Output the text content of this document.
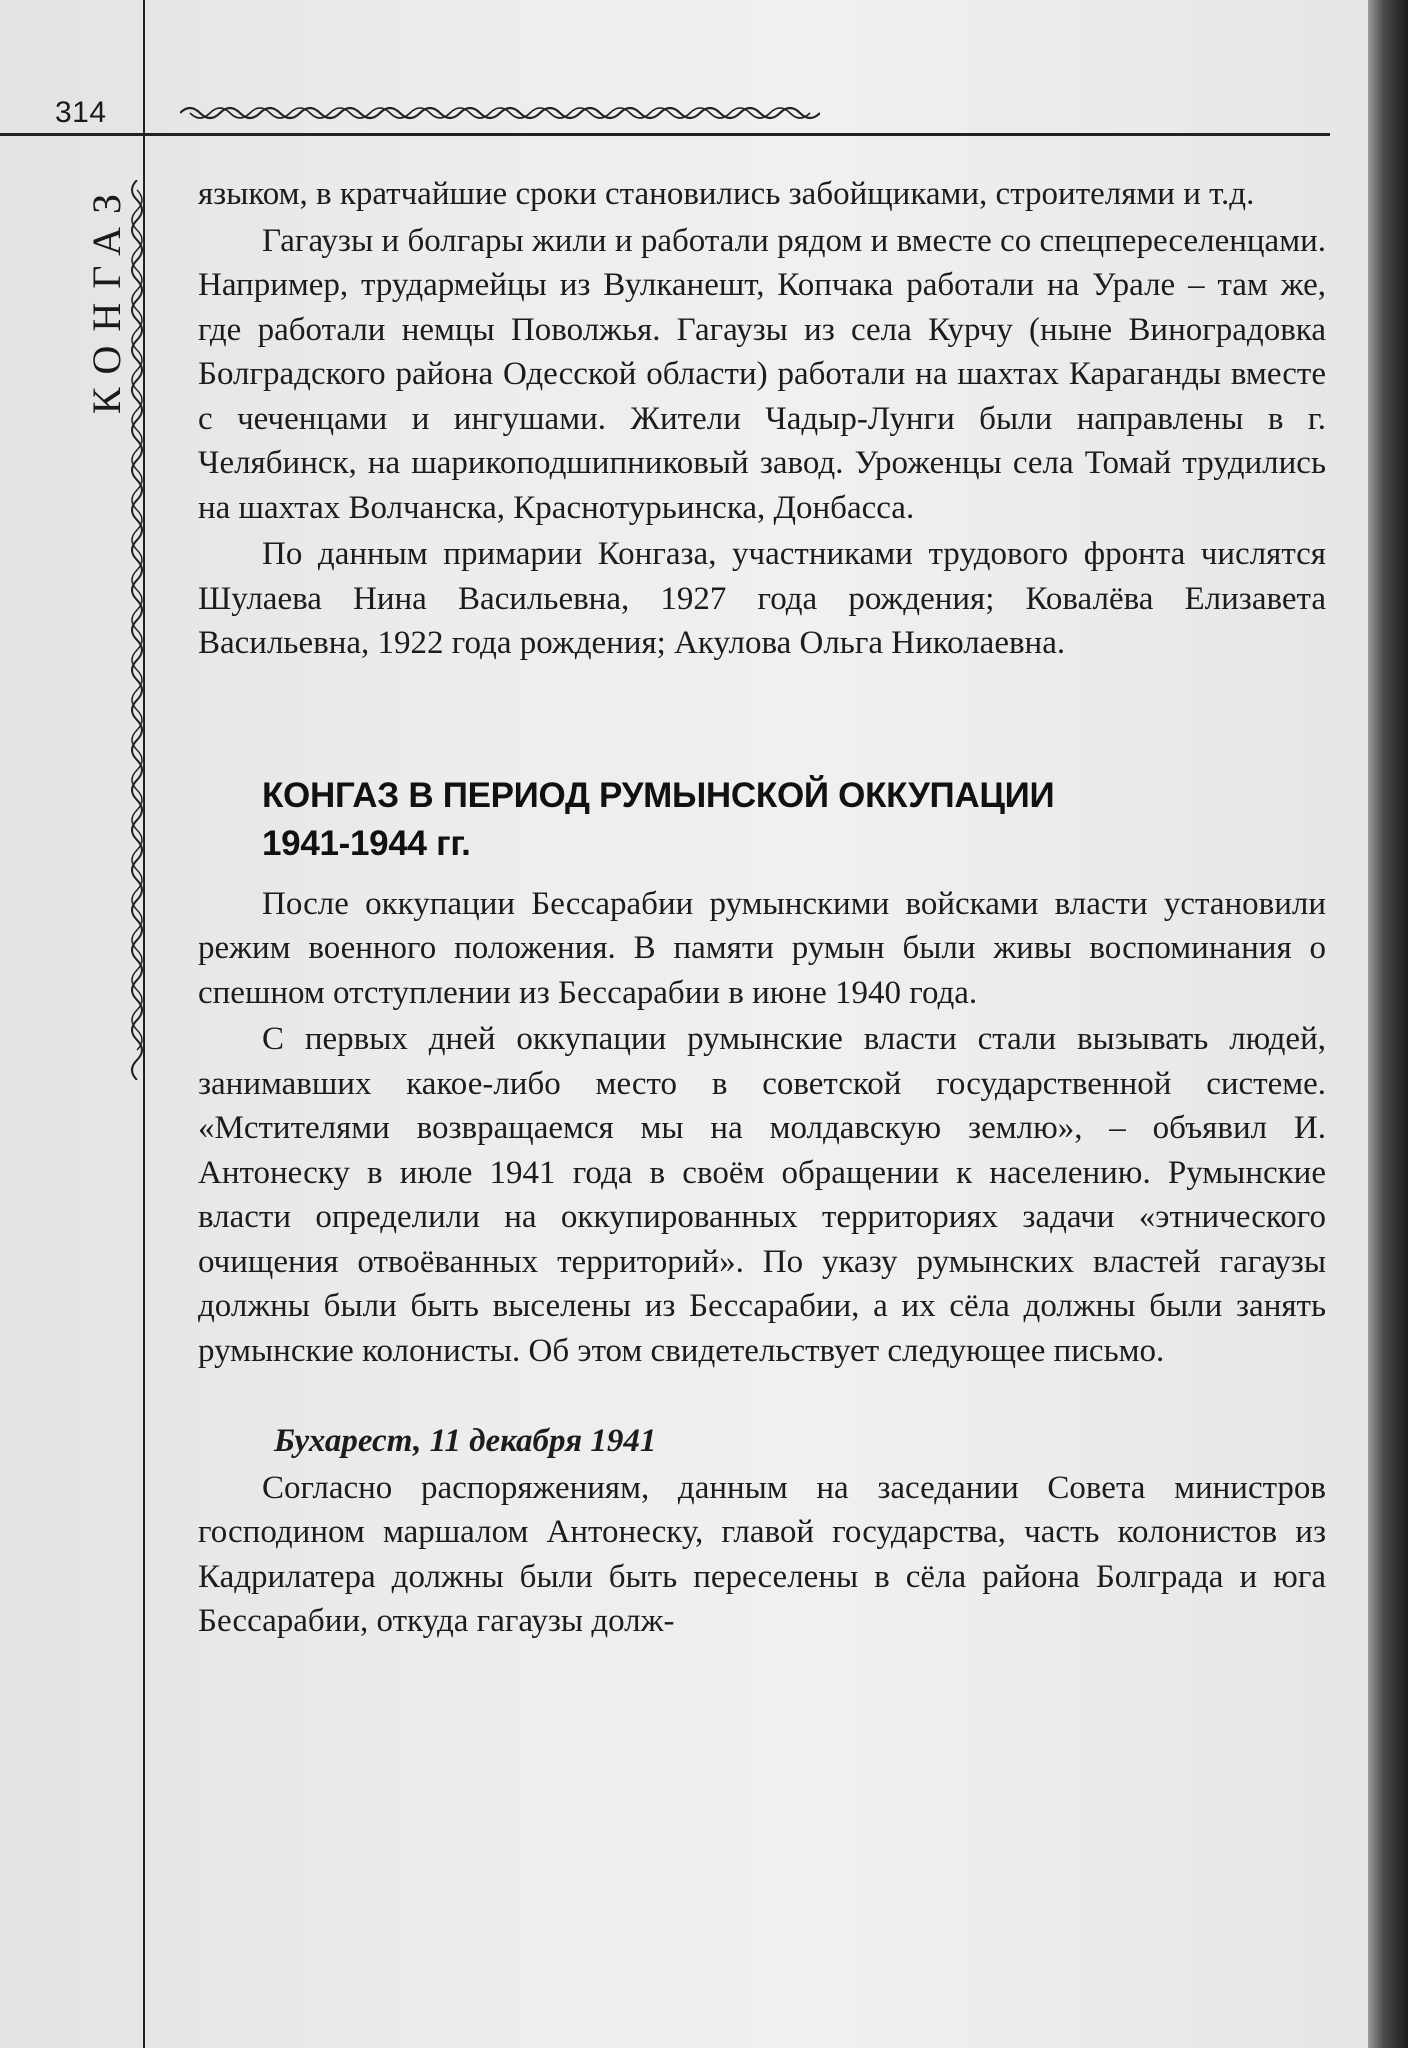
314
КОНГАЗ языком, в кратчайшие сроки становились забойщиками, строителями и т.д.

Гагаузы и болгары жили и работали рядом и вместе со спецпереселенцами. Например, трудармейцы из Вулканешт, Копчака работали на Урале – там же, где работали немцы Поволжья. Гагаузы из села Курчу (ныне Виноградовка Болградского района Одесской области) работали на шахтах Караганды вместе с чеченцами и ингушами. Жители Чадыр-Лунги были направлены в г. Челябинск, на шарикоподшипниковый завод. Уроженцы села Томай трудились на шахтах Волчанска, Краснотурьинска, Донбасса.

По данным примарии Конгаза, участниками трудового фронта числятся Шулаева Нина Васильевна, 1927 года рождения; Ковалёва Елизавета Васильевна, 1922 года рождения; Акулова Ольга Николаевна.

КОНГАЗ В ПЕРИОД РУМЫНСКОЙ ОККУПАЦИИ
1941-1944 гг.

После оккупации Бессарабии румынскими войсками власти установили режим военного положения. В памяти румын были живы воспоминания о спешном отступлении из Бессарабии в июне 1940 года.

С первых дней оккупации румынские власти стали вызывать людей, занимавших какое-либо место в советской государственной системе. «Мстителями возвращаемся мы на молдавскую землю», – объявил И. Антонеску в июле 1941 года в своём обращении к населению. Румынские власти определили на оккупированных территориях задачи «этнического очищения отвоёванных территорий». По указу румынских властей гагаузы должны были быть выселены из Бессарабии, а их сёла должны были занять румынские колонисты. Об этом свидетельствует следующее письмо.

Бухарест, 11 декабря 1941

Согласно распоряжениям, данным на заседании Совета министров господином маршалом Антонеску, главой государства, часть колонистов из Кадрилатера должны были быть переселены в сёла района Болграда и юга Бессарабии, откуда гагаузы долж-
